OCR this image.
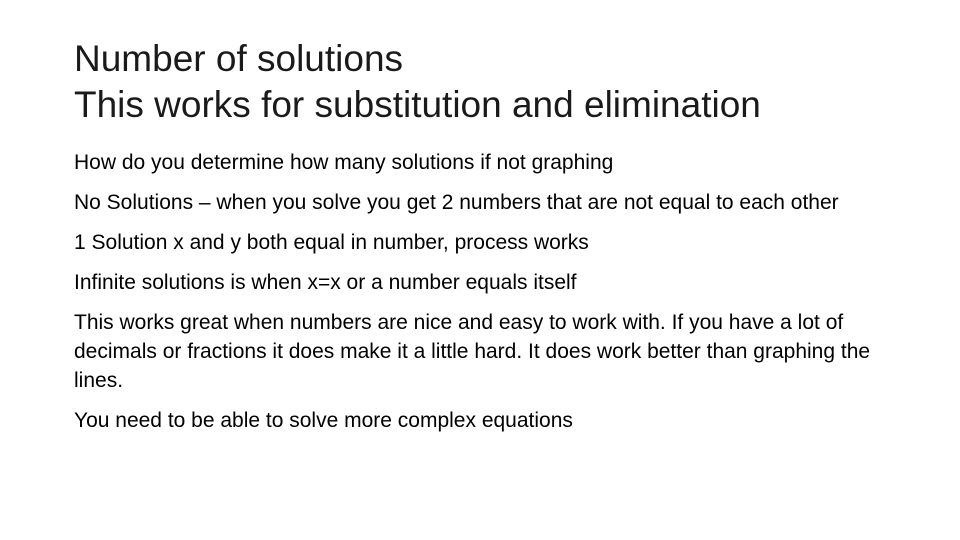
Number of solutions
This works for substitution and elimination
How do you determine how many solutions if not graphing
No Solutions – when you solve you get 2 numbers that are not equal to each other
1 Solution x and y both equal in number, process works
Infinite solutions is when x=x or a number equals itself
This works great when numbers are nice and easy to work with. If you have a lot of decimals or fractions it does make it a little hard. It does work better than graphing the lines.
You need to be able to solve more complex equations
